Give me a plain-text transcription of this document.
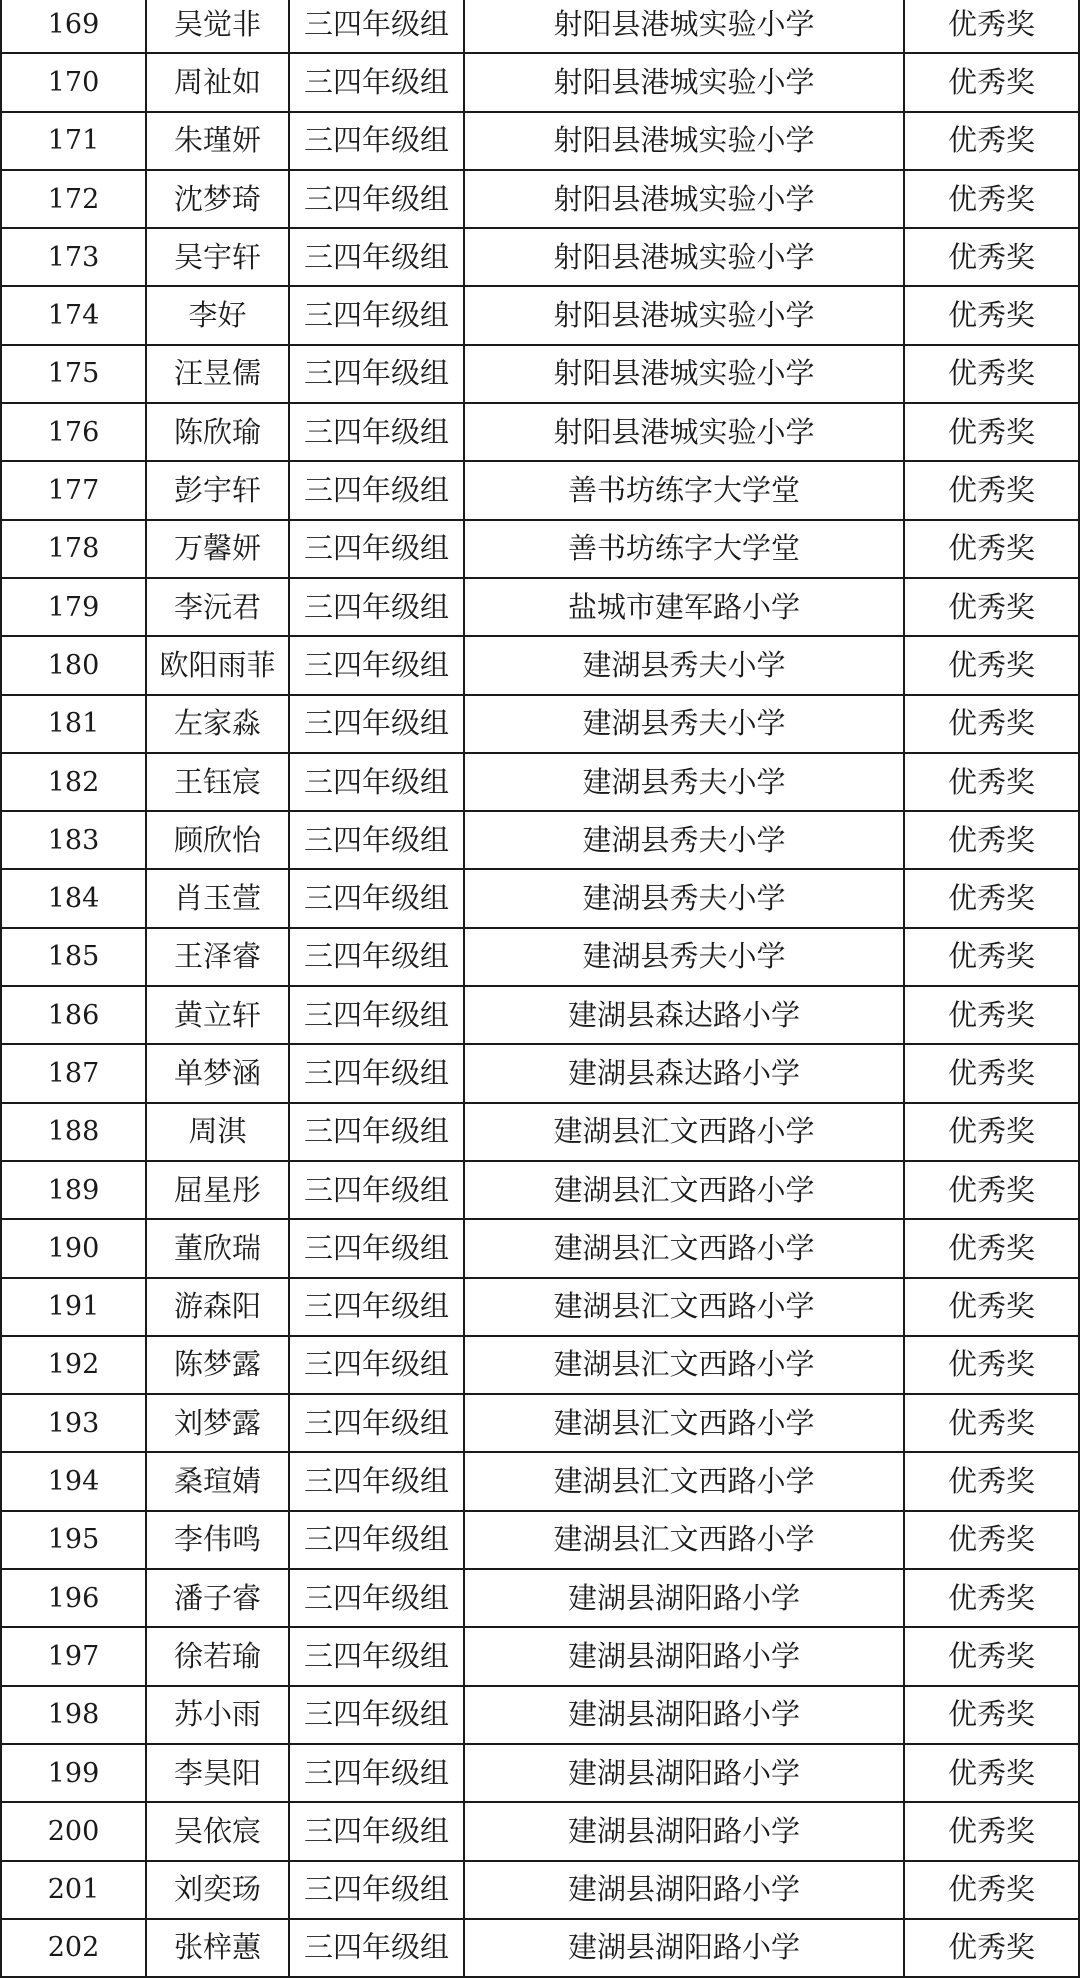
169	吴觉非	三四年级组	射阳县港城实验小学	优秀奖
170	周祉如	三四年级组	射阳县港城实验小学	优秀奖
171	朱瑾妍	三四年级组	射阳县港城实验小学	优秀奖
172	沈梦琦	三四年级组	射阳县港城实验小学	优秀奖
173	吴宇轩	三四年级组	射阳县港城实验小学	优秀奖
174	李好	三四年级组	射阳县港城实验小学	优秀奖
175	汪昱儒	三四年级组	射阳县港城实验小学	优秀奖
176	陈欣瑜	三四年级组	射阳县港城实验小学	优秀奖
177	彭宇轩	三四年级组	善书坊练字大学堂	优秀奖
178	万馨妍	三四年级组	善书坊练字大学堂	优秀奖
179	李沅君	三四年级组	盐城市建军路小学	优秀奖
180	欧阳雨菲	三四年级组	建湖县秀夫小学	优秀奖
181	左家淼	三四年级组	建湖县秀夫小学	优秀奖
182	王钰宸	三四年级组	建湖县秀夫小学	优秀奖
183	顾欣怡	三四年级组	建湖县秀夫小学	优秀奖
184	肖玉萱	三四年级组	建湖县秀夫小学	优秀奖
185	王泽睿	三四年级组	建湖县秀夫小学	优秀奖
186	黄立轩	三四年级组	建湖县森达路小学	优秀奖
187	单梦涵	三四年级组	建湖县森达路小学	优秀奖
188	周淇	三四年级组	建湖县汇文西路小学	优秀奖
189	屈星彤	三四年级组	建湖县汇文西路小学	优秀奖
190	董欣瑞	三四年级组	建湖县汇文西路小学	优秀奖
191	游森阳	三四年级组	建湖县汇文西路小学	优秀奖
192	陈梦露	三四年级组	建湖县汇文西路小学	优秀奖
193	刘梦露	三四年级组	建湖县汇文西路小学	优秀奖
194	桑瑄婧	三四年级组	建湖县汇文西路小学	优秀奖
195	李伟鸣	三四年级组	建湖县汇文西路小学	优秀奖
196	潘子睿	三四年级组	建湖县湖阳路小学	优秀奖
197	徐若瑜	三四年级组	建湖县湖阳路小学	优秀奖
198	苏小雨	三四年级组	建湖县湖阳路小学	优秀奖
199	李昊阳	三四年级组	建湖县湖阳路小学	优秀奖
200	吴依宸	三四年级组	建湖县湖阳路小学	优秀奖
201	刘奕玚	三四年级组	建湖县湖阳路小学	优秀奖
202	张梓蕙	三四年级组	建湖县湖阳路小学	优秀奖
